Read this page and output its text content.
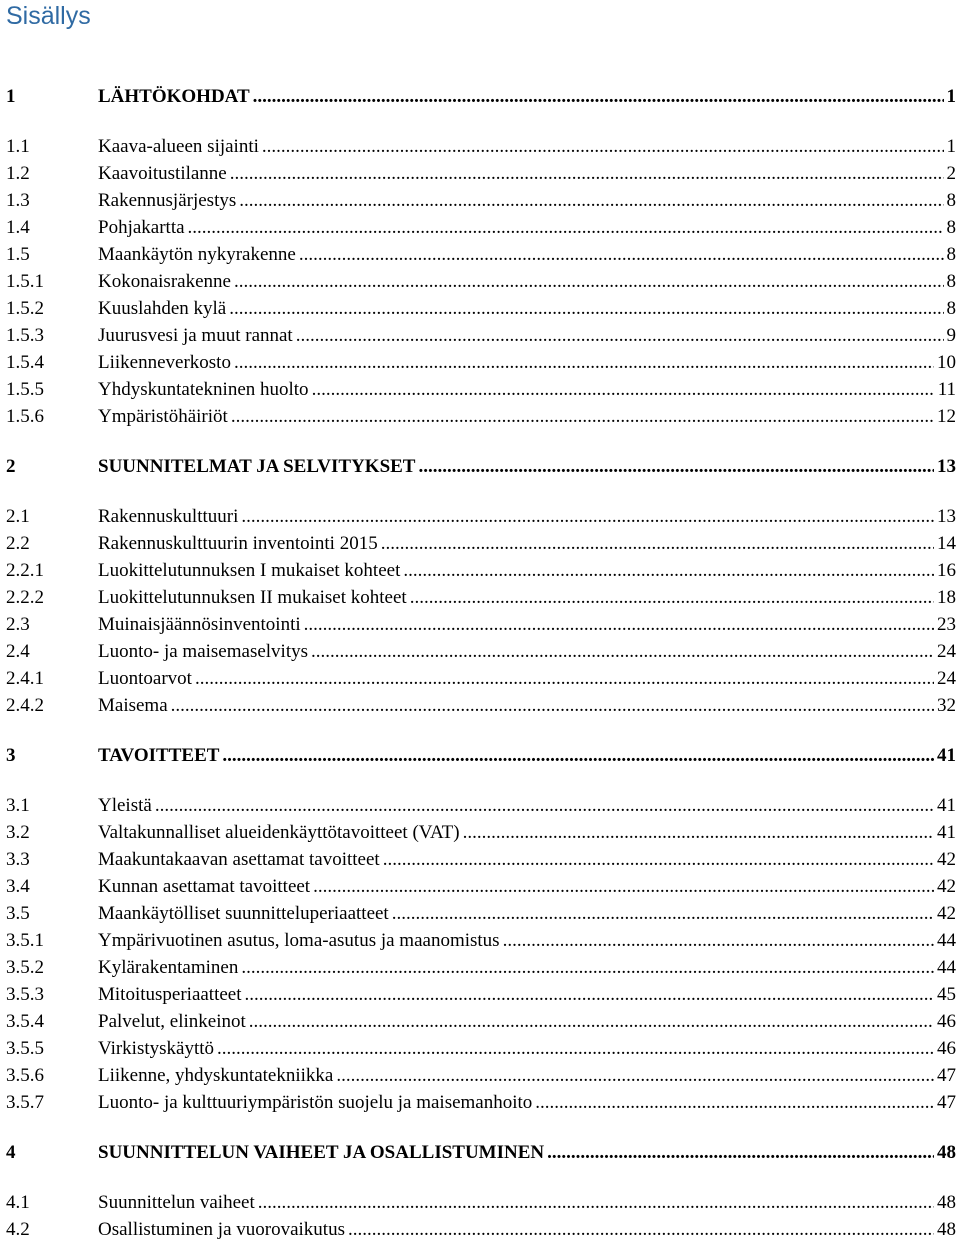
Sisällys
1	LÄHTÖKOHDAT .....	1
1.1	Kaava-alueen sijainti .....	1
1.2	Kaavoitustilanne .....	2
1.3	Rakennusjärjestys .....	8
1.4	Pohjakartta .....	8
1.5	Maankäytön nykyrakenne .....	8
1.5.1	Kokonaisrakenne .....	8
1.5.2	Kuuslahden kylä .....	8
1.5.3	Juurusvesi ja muut rannat .....	9
1.5.4	Liikenneverkosto .....	10
1.5.5	Yhdyskuntatekninen huolto .....	11
1.5.6	Ympäristöhäiriöt .....	12
2	SUUNNITELMAT JA SELVITYKSET .....	13
2.1	Rakennuskulttuuri .....	13
2.2	Rakennuskulttuurin inventointi 2015 .....	14
2.2.1	Luokittelutunnuksen I mukaiset kohteet .....	16
2.2.2	Luokittelutunnuksen II mukaiset kohteet .....	18
2.3	Muinaisjäännösinventointi .....	23
2.4	Luonto- ja maisemaselvitys .....	24
2.4.1	Luontoarvot .....	24
2.4.2	Maisema .....	32
3	TAVOITTEET .....	41
3.1	Yleistä .....	41
3.2	Valtakunnalliset alueidenkäyttötavoitteet (VAT) .....	41
3.3	Maakuntakaavan asettamat tavoitteet .....	42
3.4	Kunnan asettamat tavoitteet .....	42
3.5	Maankäytölliset suunnitteluperiaatteet .....	42
3.5.1	Ympärivuotinen asutus, loma-asutus ja maanomistus .....	44
3.5.2	Kylärakentaminen .....	44
3.5.3	Mitoitusperiaatteet .....	45
3.5.4	Palvelut, elinkeinot .....	46
3.5.5	Virkistyskäyttö .....	46
3.5.6	Liikenne, yhdyskuntatekniikka .....	47
3.5.7	Luonto- ja kulttuuriympäristön suojelu ja maisemanhoito .....	47
4	SUUNNITTELUN VAIHEET JA OSALLISTUMINEN .....	48
4.1	Suunnittelun vaiheet .....	48
4.2	Osallistuminen ja vuorovaikutus .....	48
